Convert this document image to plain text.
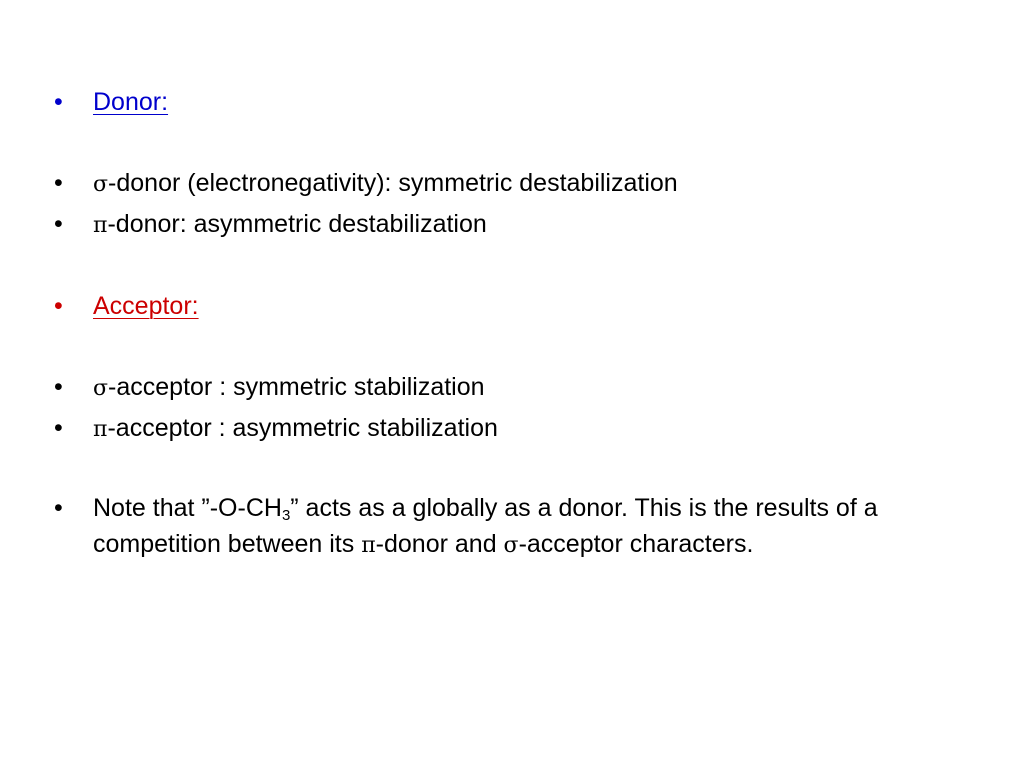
•	Donor:
•	σ-donor (electronegativity): symmetric destabilization
•	π-donor: asymmetric destabilization
•	Acceptor:
•	σ-acceptor : symmetric stabilization
•	π-acceptor : asymmetric stabilization
•	Note that $”-O-CH_3$” acts as a globally as a donor. This is the results of a competition between its π-donor and σ-acceptor characters.
